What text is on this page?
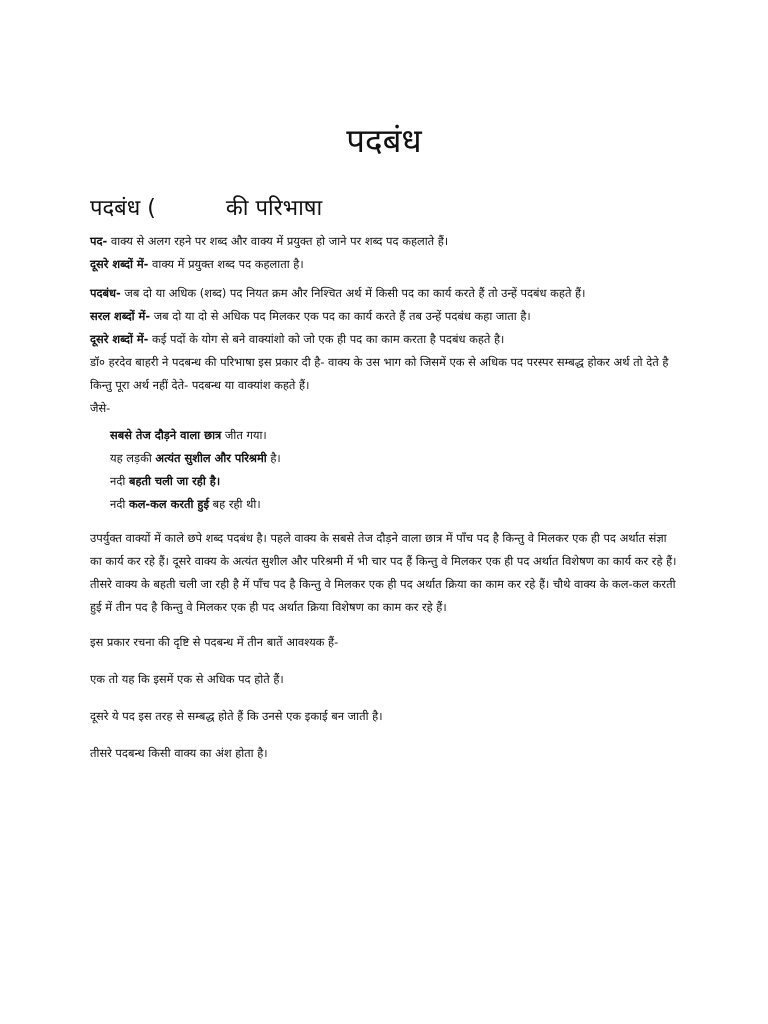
पदबंध
पदबंध (	की परिभाषा

पद- वाक्य से अलग रहने पर शब्द और वाक्य में प्रयुक्त हो जाने पर शब्द पद कहलाते हैं।

दूसरे शब्दों में- वाक्य में प्रयुक्त शब्द पद कहलाता है।

पदबंध- जब दो या अधिक (शब्द) पद नियत क्रम और निश्चित अर्थ में किसी पद का कार्य करते हैं तो उन्हें पदबंध कहते हैं।

सरल शब्दों में- जब दो या दो से अधिक पद मिलकर एक पद का कार्य करते हैं तब उन्हें पदबंध कहा जाता है।

दूसरे शब्दों में- कई पदों के योग से बने वाक्यांशो को जो एक ही पद का काम करता है पदबंध कहते है।

डॉ० हरदेव बाहरी ने पदबन्ध की परिभाषा इस प्रकार दी है- वाक्य के उस भाग को जिसमें एक से अधिक पद परस्पर सम्बद्ध होकर अर्थ तो देते है किन्तु पूरा अर्थ नहीं देते- पदबन्ध या वाक्यांश कहते हैं।

जैसे-

सबसे तेज दौड़ने वाला छात्र जीत गया।

यह लड़की अत्यंत सुशील और परिश्रमी है।

नदी बहती चली जा रही है।

नदी कल-कल करती हुई बह रही थी।

उपर्युक्त वाक्यों में काले छपे शब्द पदबंध है। पहले वाक्य के सबसे तेज दौड़ने वाला छात्र में पाँच पद है किन्तु वे मिलकर एक ही पद अर्थात संज्ञा का कार्य कर रहे हैं। दूसरे वाक्य के अत्यंत सुशील और परिश्रमी में भी चार पद हैं किन्तु वे मिलकर एक ही पद अर्थात विशेषण का कार्य कर रहे हैं। तीसरे वाक्य के बहती चली जा रही है में पाँच पद है किन्तु वे मिलकर एक ही पद अर्थात क्रिया का काम कर रहे हैं। चौथे वाक्य के कल-कल करती हुई में तीन पद है किन्तु वे मिलकर एक ही पद अर्थात क्रिया विशेषण का काम कर रहे हैं।

इस प्रकार रचना की दृष्टि से पदबन्ध में तीन बातें आवश्यक हैं-

एक तो यह कि इसमें एक से अधिक पद होते हैं।

दूसरे ये पद इस तरह से सम्बद्ध होते हैं कि उनसे एक इकाई बन जाती है।

तीसरे पदबन्ध किसी वाक्य का अंश होता है।
